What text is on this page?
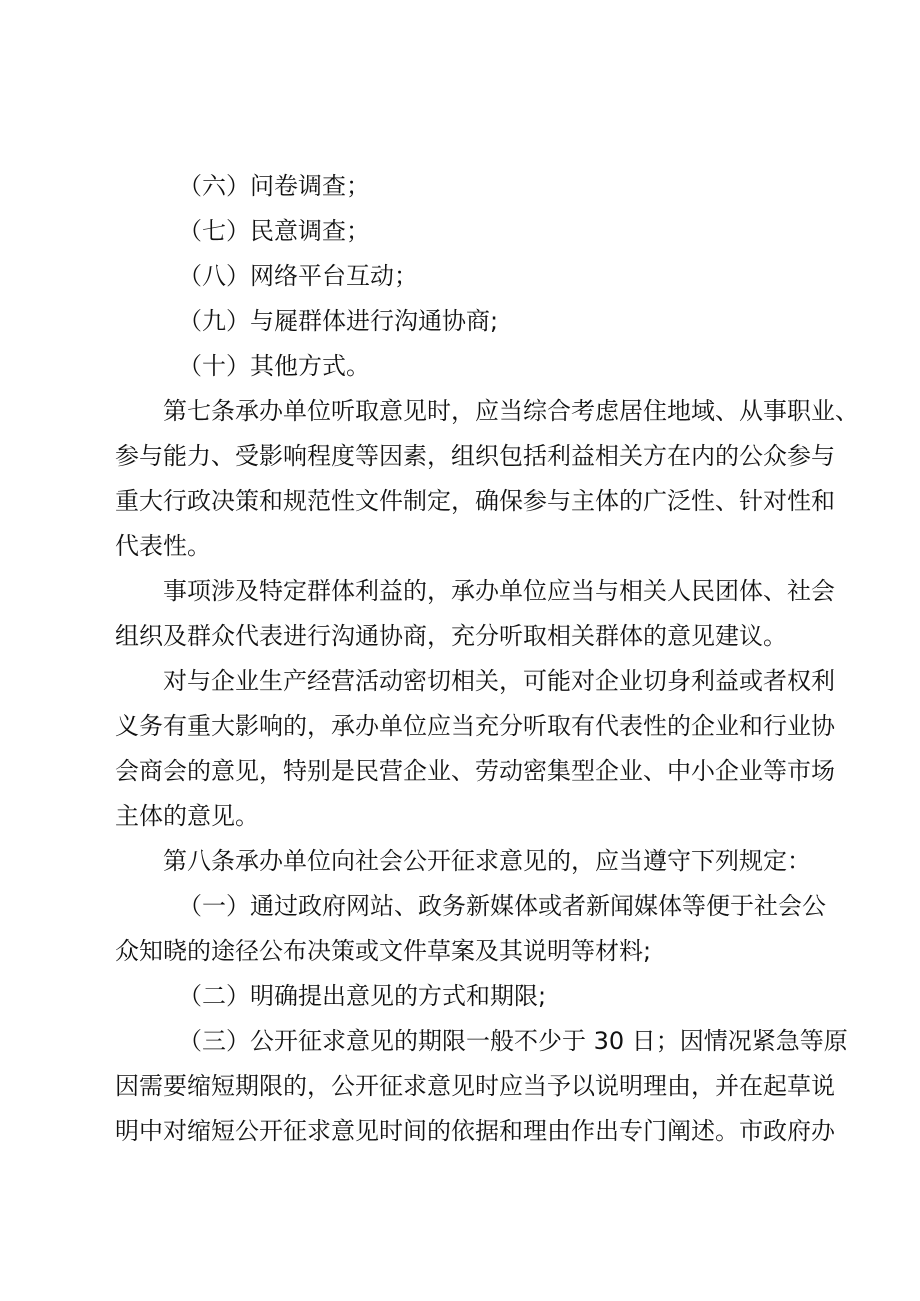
（六）问卷调查；
（七）民意调查；
（八）网络平台互动；
（九）与屣群体进行沟通协商;
（十）其他方式。
第七条承办单位听取意见时，应当综合考虑居住地域、从事职业、
参与能力、受影响程度等因素，组织包括利益相关方在内的公众参与
重大行政决策和规范性文件制定，确保参与主体的广泛性、针对性和
代表性。
事项涉及特定群体利益的，承办单位应当与相关人民团体、社会
组织及群众代表进行沟通协商，充分听取相关群体的意见建议。
对与企业生产经营活动密切相关，可能对企业切身利益或者权利
义务有重大影响的，承办单位应当充分听取有代表性的企业和行业协
会商会的意见，特别是民营企业、劳动密集型企业、中小企业等市场
主体的意见。
第八条承办单位向社会公开征求意见的，应当遵守下列规定：
（一）通过政府网站、政务新媒体或者新闻媒体等便于社会公
众知晓的途径公布决策或文件草案及其说明等材料;
（二）明确提出意见的方式和期限;
（三）公开征求意见的期限一般不少于 30 日；因情况紧急等原
因需要缩短期限的，公开征求意见时应当予以说明理由，并在起草说
明中对缩短公开征求意见时间的依据和理由作出专门阐述。市政府办
